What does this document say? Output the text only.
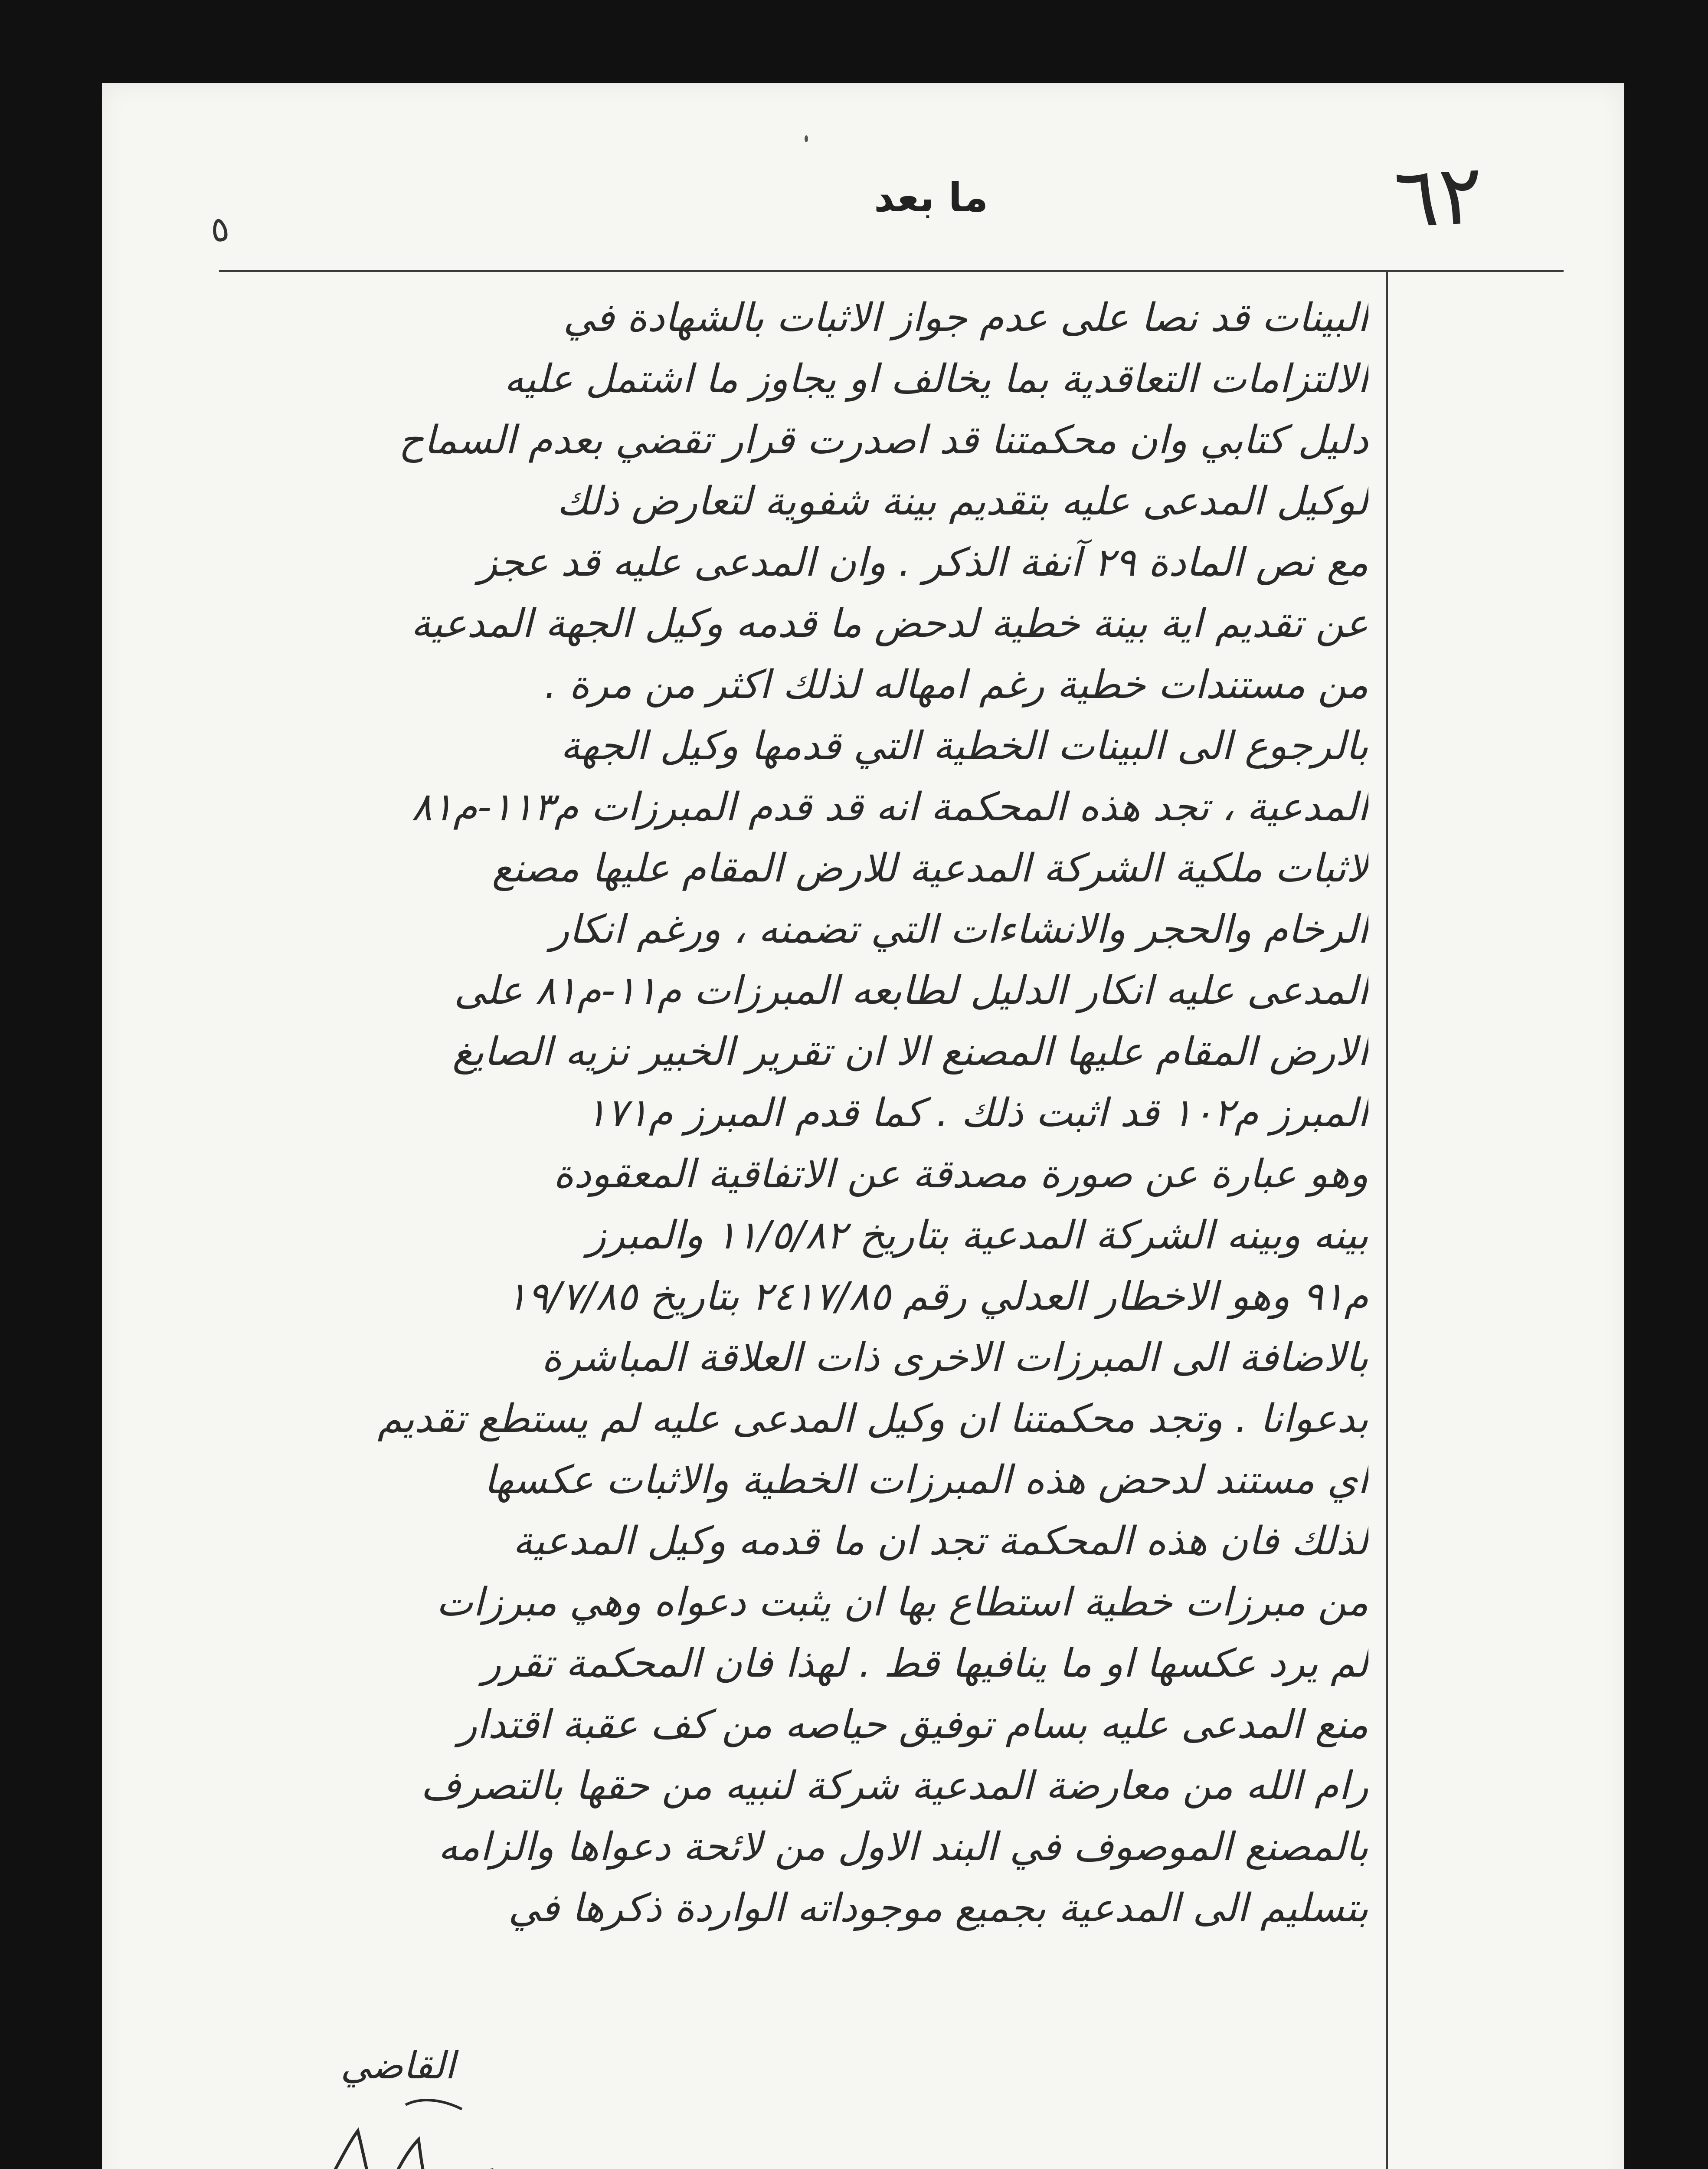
٥
ما بعد	٦٢
البينات قد نصا على عدم جواز الاثبات بالشهادة في
الالتزامات التعاقدية بما يخالف او يجاوز ما اشتمل عليه
دليل كتابي وان محكمتنا قد اصدرت قرار تقضي بعدم السماح
لوكيل المدعى عليه بتقديم بينة شفوية لتعارض ذلك
مع نص المادة ٢٩ آنفة الذكر . وان المدعى عليه قد عجز
عن تقديم اية بينة خطية لدحض ما قدمه وكيل الجهة المدعية
من مستندات خطية رغم امهاله لذلك اكثر من مرة .
بالرجوع الى البينات الخطية التي قدمها وكيل الجهة
المدعية ، تجد هذه المحكمة انه قد قدم المبرزات م١١٣-م٨١
لاثبات ملكية الشركة المدعية للارض المقام عليها مصنع
الرخام والحجر والانشاءات التي تضمنه ، ورغم انكار
المدعى عليه انكار الدليل لطابعه المبرزات م١١-م٨١ على
الارض المقام عليها المصنع الا ان تقرير الخبير نزيه الصايغ
المبرز م١٠٢ قد اثبت ذلك . كما قدم المبرز م١٧١
وهو عبارة عن صورة مصدقة عن الاتفاقية المعقودة
بينه وبينه الشركة المدعية بتاريخ ١١/٥/٨٢ والمبرز
م٩١ وهو الاخطار العدلي رقم ٢٤١٧/٨٥ بتاريخ ١٩/٧/٨٥
بالاضافة الى المبرزات الاخرى ذات العلاقة المباشرة
بدعوانا . وتجد محكمتنا ان وكيل المدعى عليه لم يستطع تقديم
اي مستند لدحض هذه المبرزات الخطية والاثبات عكسها
لذلك فان هذه المحكمة تجد ان ما قدمه وكيل المدعية
من مبرزات خطية استطاع بها ان يثبت دعواه وهي مبرزات
لم يرد عكسها او ما ينافيها قط . لهذا فان المحكمة تقرر
منع المدعى عليه بسام توفيق حياصه من كف عقبة اقتدار
رام الله من معارضة المدعية شركة لنبيه من حقها بالتصرف
بالمصنع الموصوف في البند الاول من لائحة دعواها والزامه
بتسليم الى المدعية بجميع موجوداته الواردة ذكرها في
القاضي
